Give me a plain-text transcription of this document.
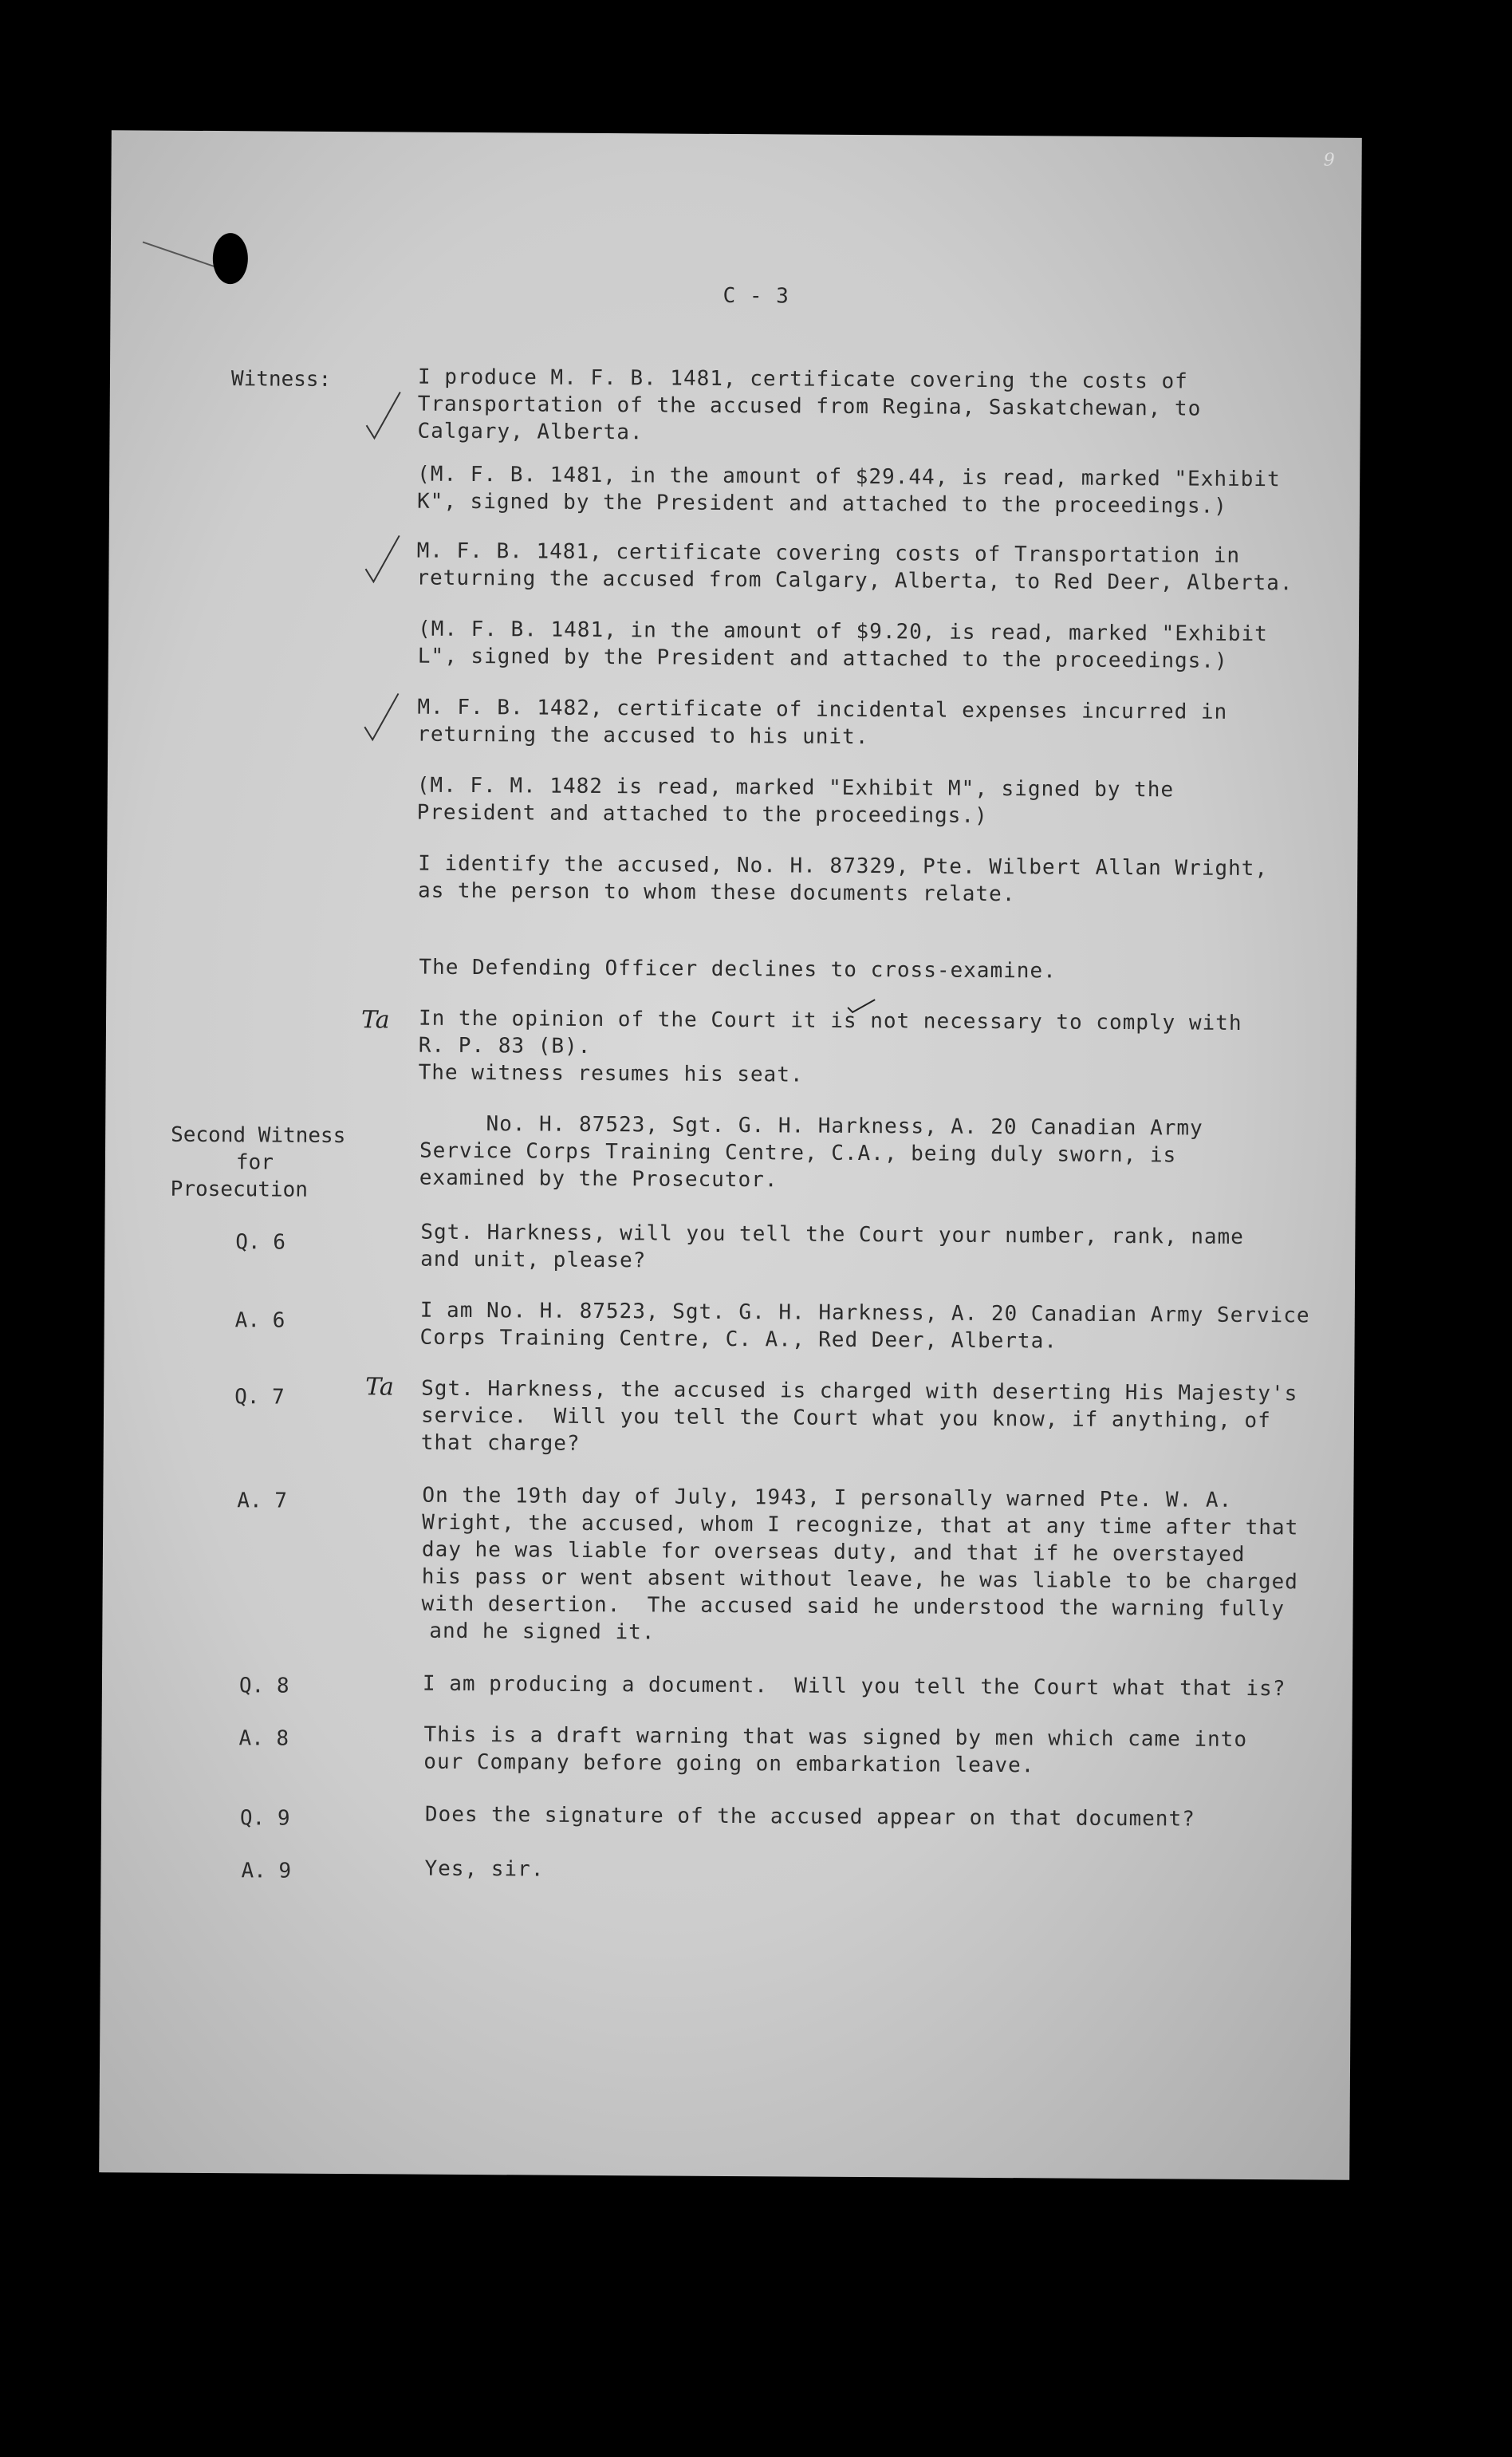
9
C - 3
Ta
Ta
Witness:
Second Witness
for
Prosecution
Q. 6
A. 6
Q. 7
A. 7
Q. 8
A. 8
Q. 9
A. 9
I produce M. F. B. 1481, certificate covering the costs of
Transportation of the accused from Regina, Saskatchewan, to
Calgary, Alberta.
(M. F. B. 1481, in the amount of $29.44, is read, marked "Exhibit
K", signed by the President and attached to the proceedings.)
M. F. B. 1481, certificate covering costs of Transportation in
returning the accused from Calgary, Alberta, to Red Deer, Alberta.
(M. F. B. 1481, in the amount of $9.20, is read, marked "Exhibit
L", signed by the President and attached to the proceedings.)
M. F. B. 1482, certificate of incidental expenses incurred in
returning the accused to his unit.
(M. F. M. 1482 is read, marked "Exhibit M", signed by the
President and attached to the proceedings.)
I identify the accused, No. H. 87329, Pte. Wilbert Allan Wright,
as the person to whom these documents relate.
The Defending Officer declines to cross-examine.
In the opinion of the Court it is not necessary to comply with
R. P. 83 (B).
The witness resumes his seat.
No. H. 87523, Sgt. G. H. Harkness, A. 20 Canadian Army
Service Corps Training Centre, C.A., being duly sworn, is
examined by the Prosecutor.
Sgt. Harkness, will you tell the Court your number, rank, name
and unit, please?
I am No. H. 87523, Sgt. G. H. Harkness, A. 20 Canadian Army Service
Corps Training Centre, C. A., Red Deer, Alberta.
Sgt. Harkness, the accused is charged with deserting His Majesty's
service.  Will you tell the Court what you know, if anything, of
that charge?
On the 19th day of July, 1943, I personally warned Pte. W. A.
Wright, the accused, whom I recognize, that at any time after that
day he was liable for overseas duty, and that if he overstayed
his pass or went absent without leave, he was liable to be charged
with desertion.  The accused said he understood the warning fully
and he signed it.
I am producing a document.  Will you tell the Court what that is?
This is a draft warning that was signed by men which came into
our Company before going on embarkation leave.
Does the signature of the accused appear on that document?
Yes, sir.
